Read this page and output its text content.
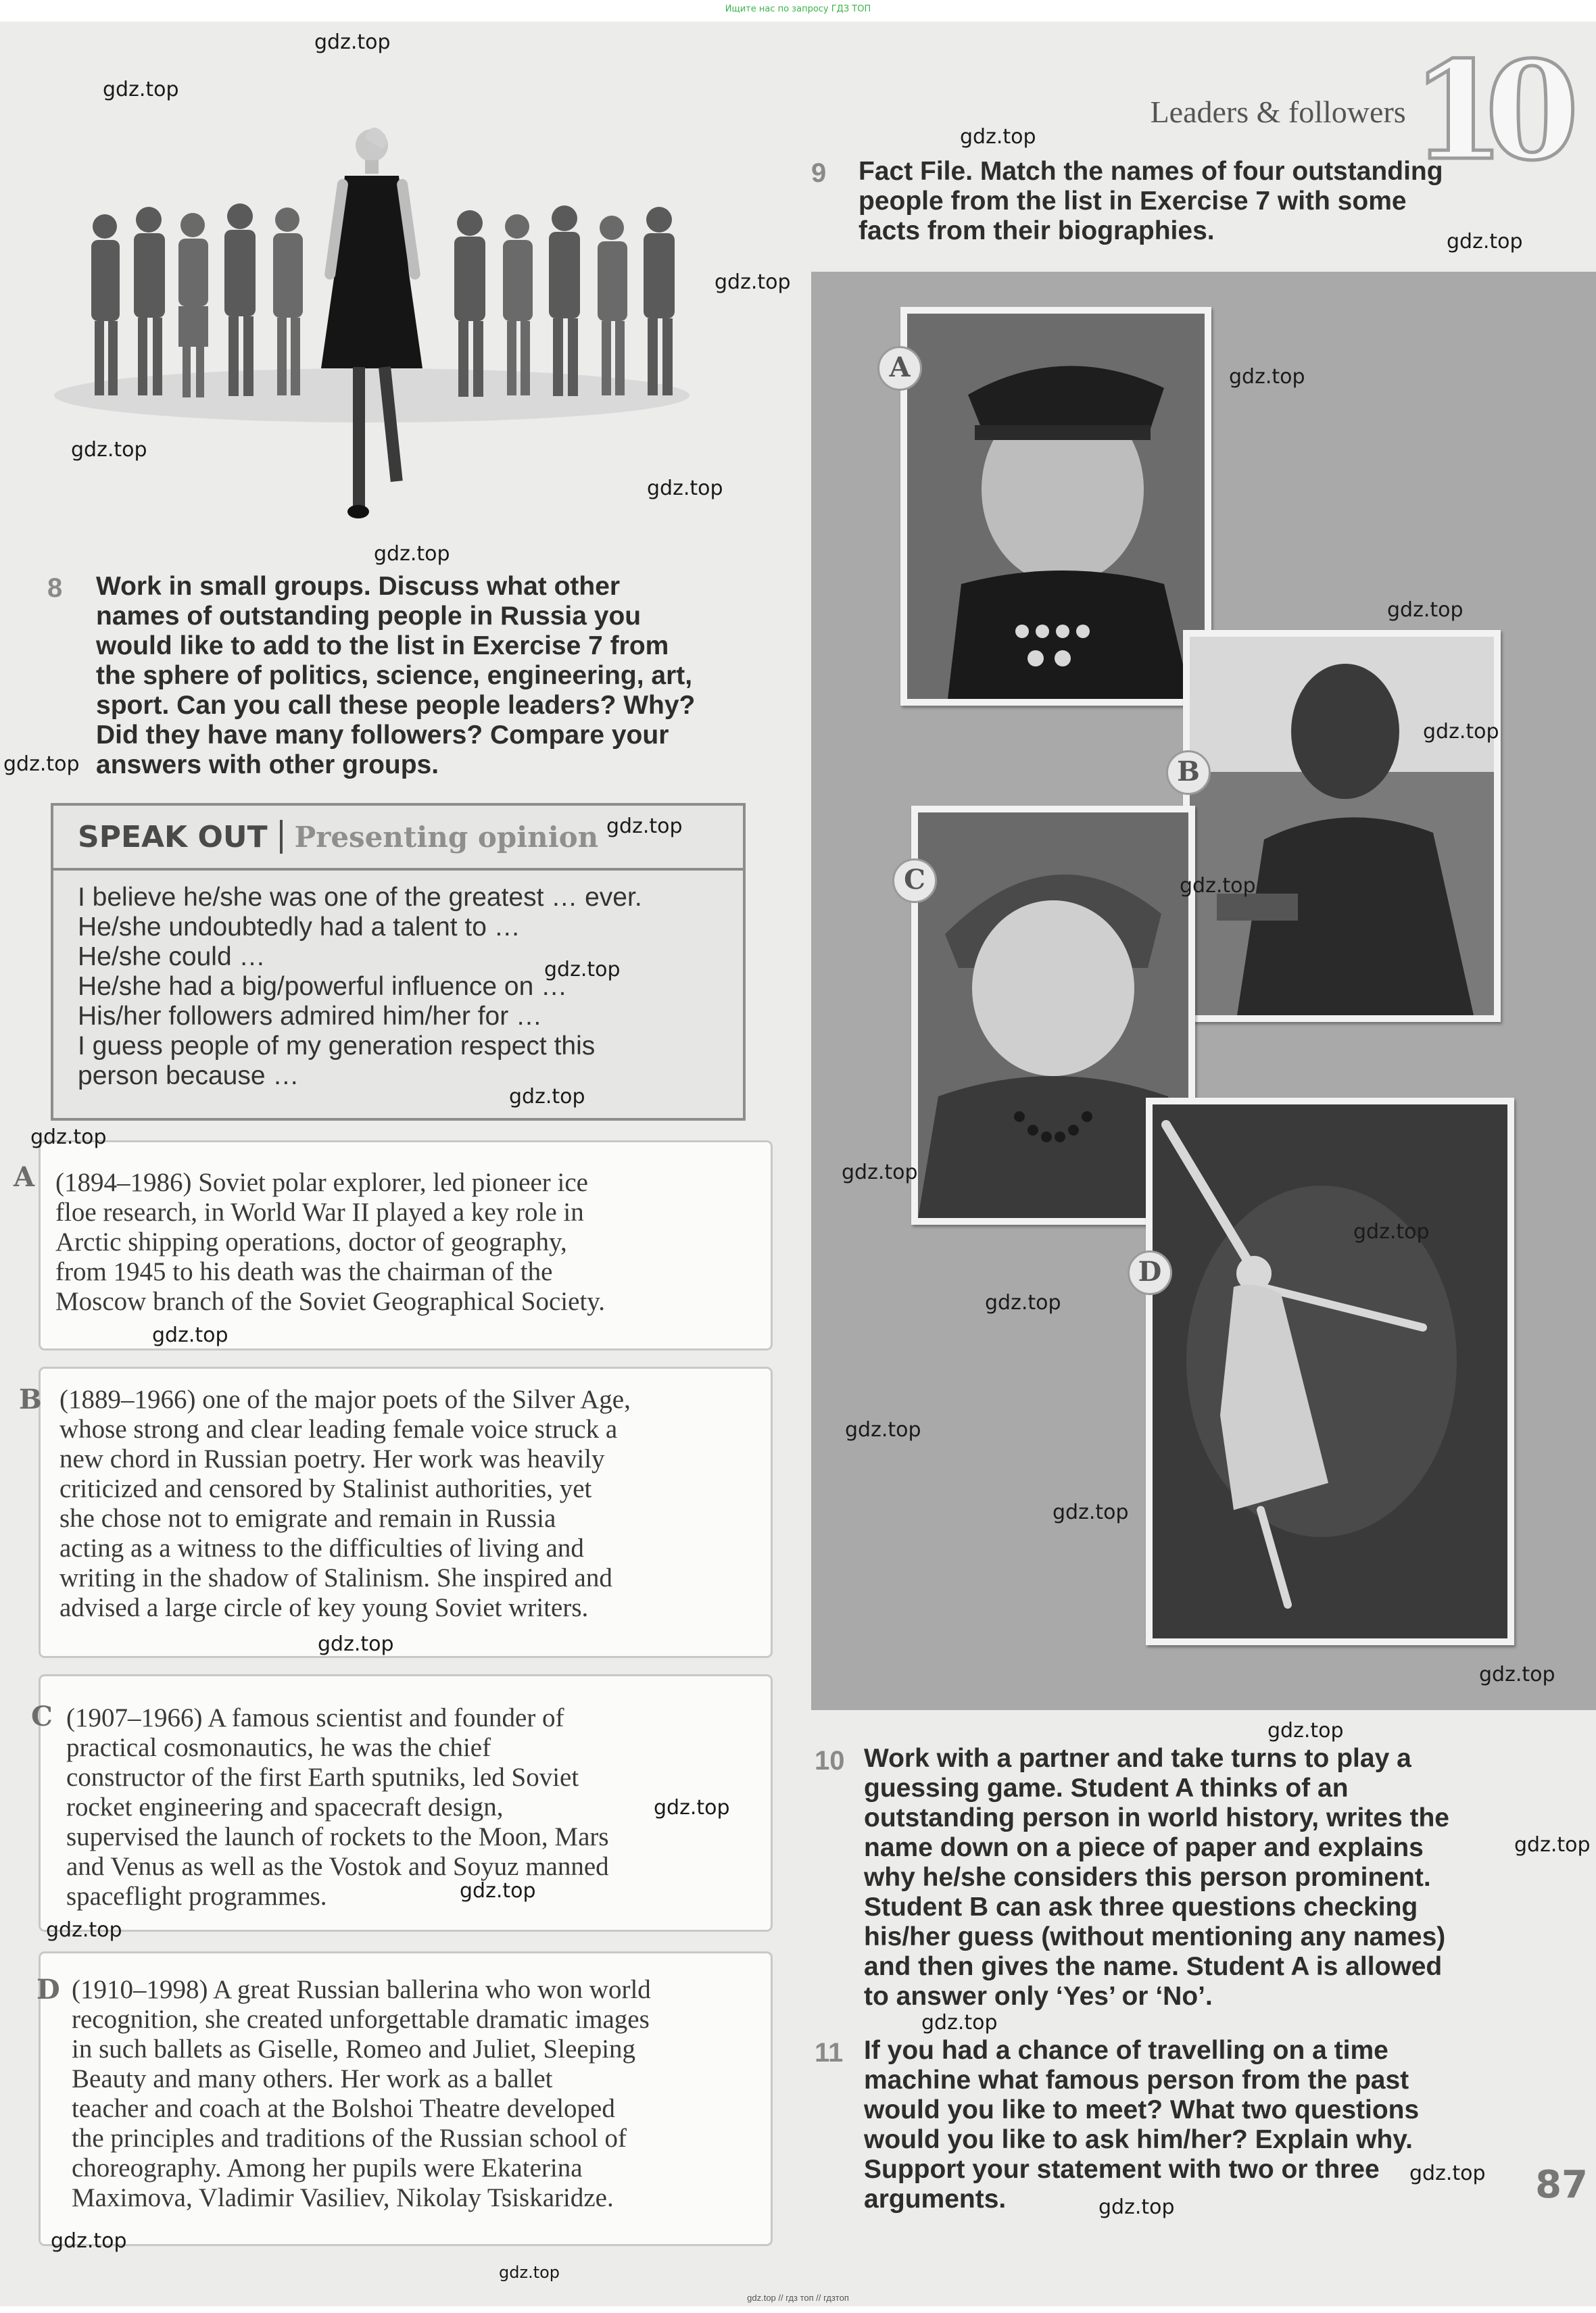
Ищите нас по запросу ГДЗ ТОП
Leaders & followers 10
8 Work in small groups. Discuss what other
names of outstanding people in Russia you
would like to add to the list in Exercise 7 from
the sphere of politics, science, engineering, art,
sport. Can you call these people leaders? Why?
Did they have many followers? Compare your
answers with other groups.
SPEAK OUT Presenting opinion
I believe he/she was one of the greatest … ever.
He/she undoubtedly had a talent to …
He/she could …
He/she had a big/powerful influence on …
His/her followers admired him/her for …
I guess people of my generation respect this
person because …
A (1894–1986) Soviet polar explorer, led pioneer ice
floe research, in World War II played a key role in
Arctic shipping operations, doctor of geography,
from 1945 to his death was the chairman of the
Moscow branch of the Soviet Geographical Society.
B (1889–1966) one of the major poets of the Silver Age,
whose strong and clear leading female voice struck a
new chord in Russian poetry. Her work was heavily
criticized and censored by Stalinist authorities, yet
she chose not to emigrate and remain in Russia
acting as a witness to the difficulties of living and
writing in the shadow of Stalinism. She inspired and
advised a large circle of key young Soviet writers.
C (1907–1966) A famous scientist and founder of
practical cosmonautics, he was the chief
constructor of the first Earth sputniks, led Soviet
rocket engineering and spacecraft design,
supervised the launch of rockets to the Moon, Mars
and Venus as well as the Vostok and Soyuz manned
spaceflight programmes.
D (1910–1998) A great Russian ballerina who won world
recognition, she created unforgettable dramatic images
in such ballets as Giselle, Romeo and Juliet, Sleeping
Beauty and many others. Her work as a ballet
teacher and coach at the Bolshoi Theatre developed
the principles and traditions of the Russian school of
choreography. Among her pupils were Ekaterina
Maximova, Vladimir Vasiliev, Nikolay Tsiskaridze.
9 Fact File. Match the names of four outstanding
people from the list in Exercise 7 with some
facts from their biographies.
A
B
C
D
10 Work with a partner and take turns to play a
guessing game. Student A thinks of an
outstanding person in world history, writes the
name down on a piece of paper and explains
why he/she considers this person prominent.
Student B can ask three questions checking
his/her guess (without mentioning any names)
and then gives the name. Student A is allowed
to answer only ‘Yes’ or ‘No’.
11 If you had a chance of travelling on a time
machine what famous person from the past
would you like to meet? What two questions
would you like to ask him/her? Explain why.
Support your statement with two or three
arguments.	87
gdz.top
gdz.top
gdz.top
gdz.top
gdz.top
gdz.top
gdz.top
gdz.top
gdz.top
gdz.top
gdz.top
gdz.top
gdz.top
gdz.top
gdz.top
gdz.top
gdz.top
gdz.top
gdz.top
gdz.top
gdz.top
gdz.top
gdz.top
gdz.top
gdz.top
gdz.top
gdz.top
gdz.top
gdz.top
gdz.top
gdz.top
gdz.top
gdz.top
gdz.top
gdz.top
gdz.top // гдз топ // гдзтоп
